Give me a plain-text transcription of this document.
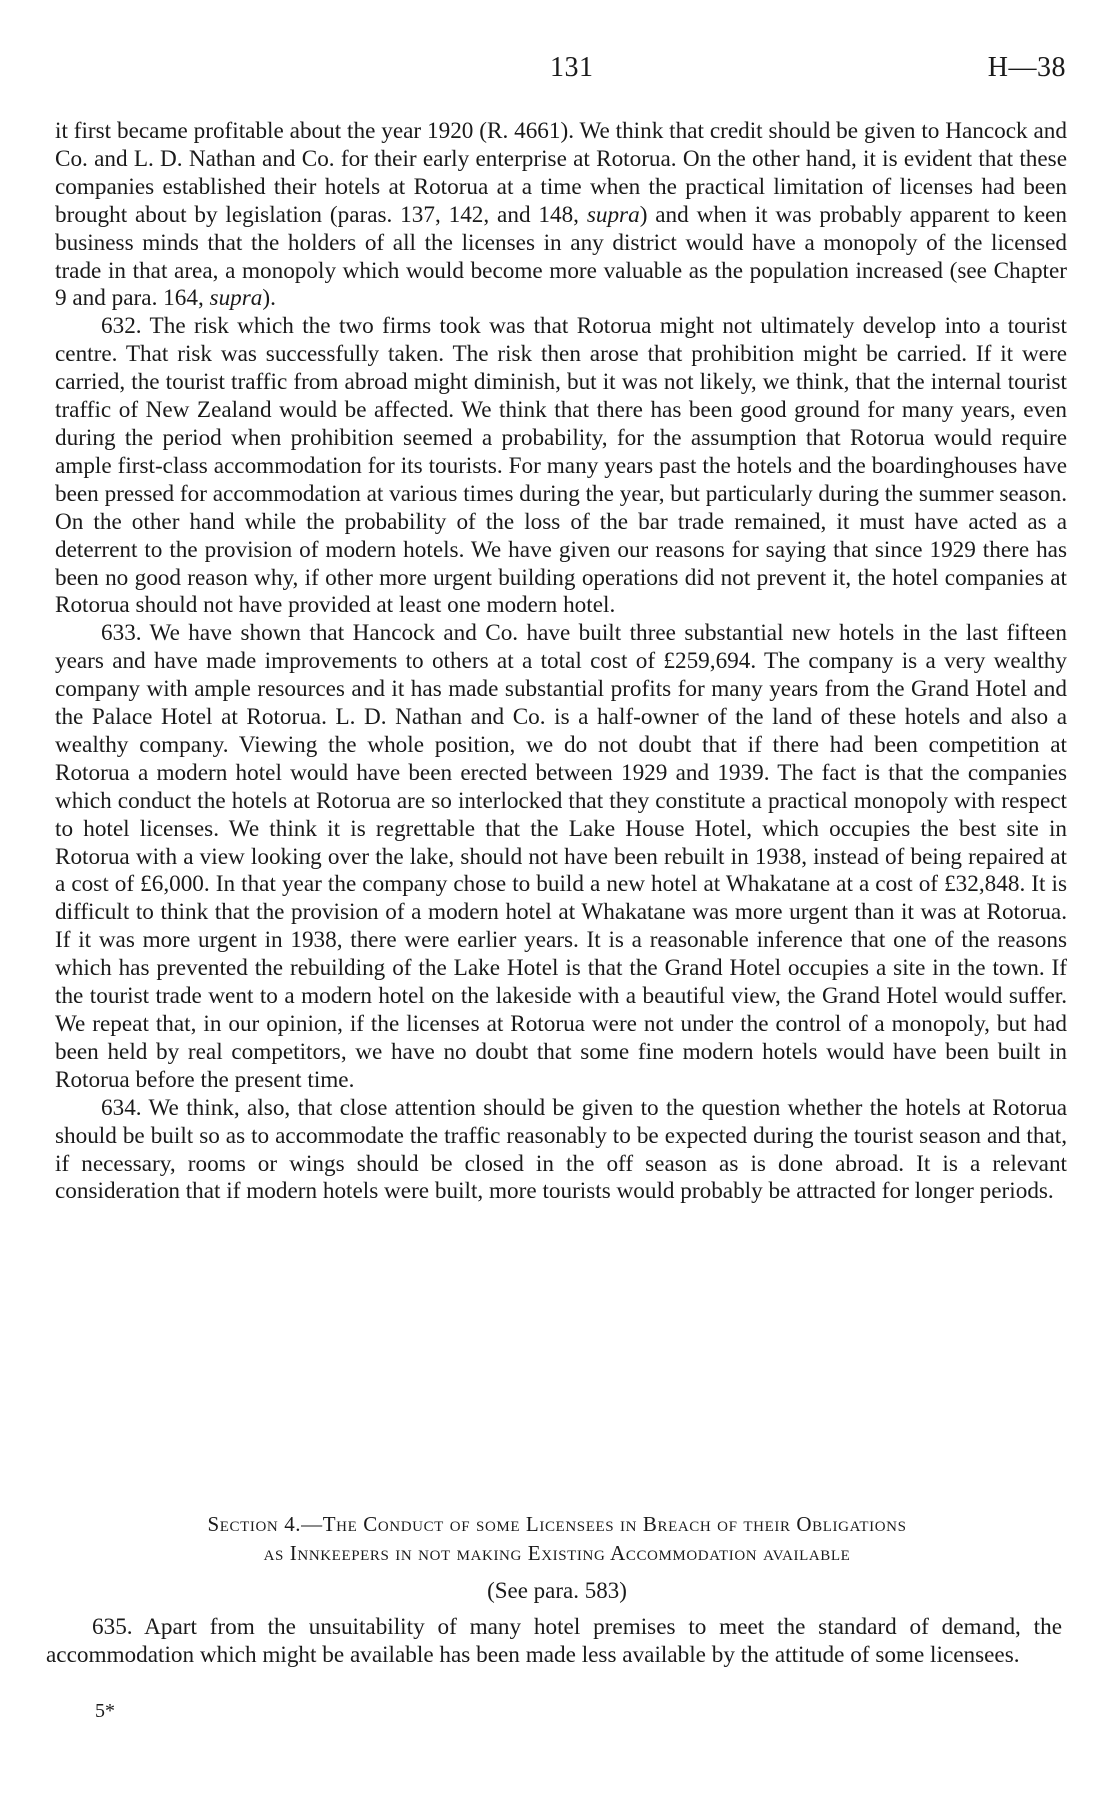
131	H—38

it first became profitable about the year 1920 (R. 4661). We think that credit should be given to Hancock and Co. and L. D. Nathan and Co. for their early enterprise at Rotorua. On the other hand, it is evident that these companies established their hotels at Rotorua at a time when the practical limitation of licenses had been brought about by legislation (paras. 137, 142, and 148, supra) and when it was probably apparent to keen business minds that the holders of all the licenses in any district would have a monopoly of the licensed trade in that area, a monopoly which would become more valuable as the population increased (see Chapter 9 and para. 164, supra).

632. The risk which the two firms took was that Rotorua might not ultimately develop into a tourist centre. That risk was successfully taken. The risk then arose that prohibition might be carried. If it were carried, the tourist traffic from abroad might diminish, but it was not likely, we think, that the internal tourist traffic of New Zealand would be affected. We think that there has been good ground for many years, even during the period when prohibition seemed a probability, for the assumption that Rotorua would require ample first-class accommodation for its tourists. For many years past the hotels and the boardinghouses have been pressed for accommodation at various times during the year, but particularly during the summer season. On the other hand while the probability of the loss of the bar trade remained, it must have acted as a deterrent to the provision of modern hotels. We have given our reasons for saying that since 1929 there has been no good reason why, if other more urgent building operations did not prevent it, the hotel companies at Rotorua should not have provided at least one modern hotel.

633. We have shown that Hancock and Co. have built three substantial new hotels in the last fifteen years and have made improvements to others at a total cost of £259,694. The company is a very wealthy company with ample resources and it has made substantial profits for many years from the Grand Hotel and the Palace Hotel at Rotorua. L. D. Nathan and Co. is a half-owner of the land of these hotels and also a wealthy company. Viewing the whole position, we do not doubt that if there had been competition at Rotorua a modern hotel would have been erected between 1929 and 1939. The fact is that the companies which conduct the hotels at Rotorua are so interlocked that they constitute a practical monopoly with respect to hotel licenses. We think it is regrettable that the Lake House Hotel, which occupies the best site in Rotorua with a view looking over the lake, should not have been rebuilt in 1938, instead of being repaired at a cost of £6,000. In that year the company chose to build a new hotel at Whakatane at a cost of £32,848. It is difficult to think that the provision of a modern hotel at Whakatane was more urgent than it was at Rotorua. If it was more urgent in 1938, there were earlier years. It is a reasonable inference that one of the reasons which has prevented the rebuilding of the Lake Hotel is that the Grand Hotel occupies a site in the town. If the tourist trade went to a modern hotel on the lakeside with a beautiful view, the Grand Hotel would suffer. We repeat that, in our opinion, if the licenses at Rotorua were not under the control of a monopoly, but had been held by real competitors, we have no doubt that some fine modern hotels would have been built in Rotorua before the present time.

634. We think, also, that close attention should be given to the question whether the hotels at Rotorua should be built so as to accommodate the traffic reasonably to be expected during the tourist season and that, if necessary, rooms or wings should be closed in the off season as is done abroad. It is a relevant consideration that if modern hotels were built, more tourists would probably be attracted for longer periods.

Section 4.—The Conduct of some Licensees in Breach of their Obligations
as Innkeepers in not making Existing Accommodation available
(See para. 583)

635. Apart from the unsuitability of many hotel premises to meet the standard of demand, the accommodation which might be available has been made less available by the attitude of some licensees.

5*
